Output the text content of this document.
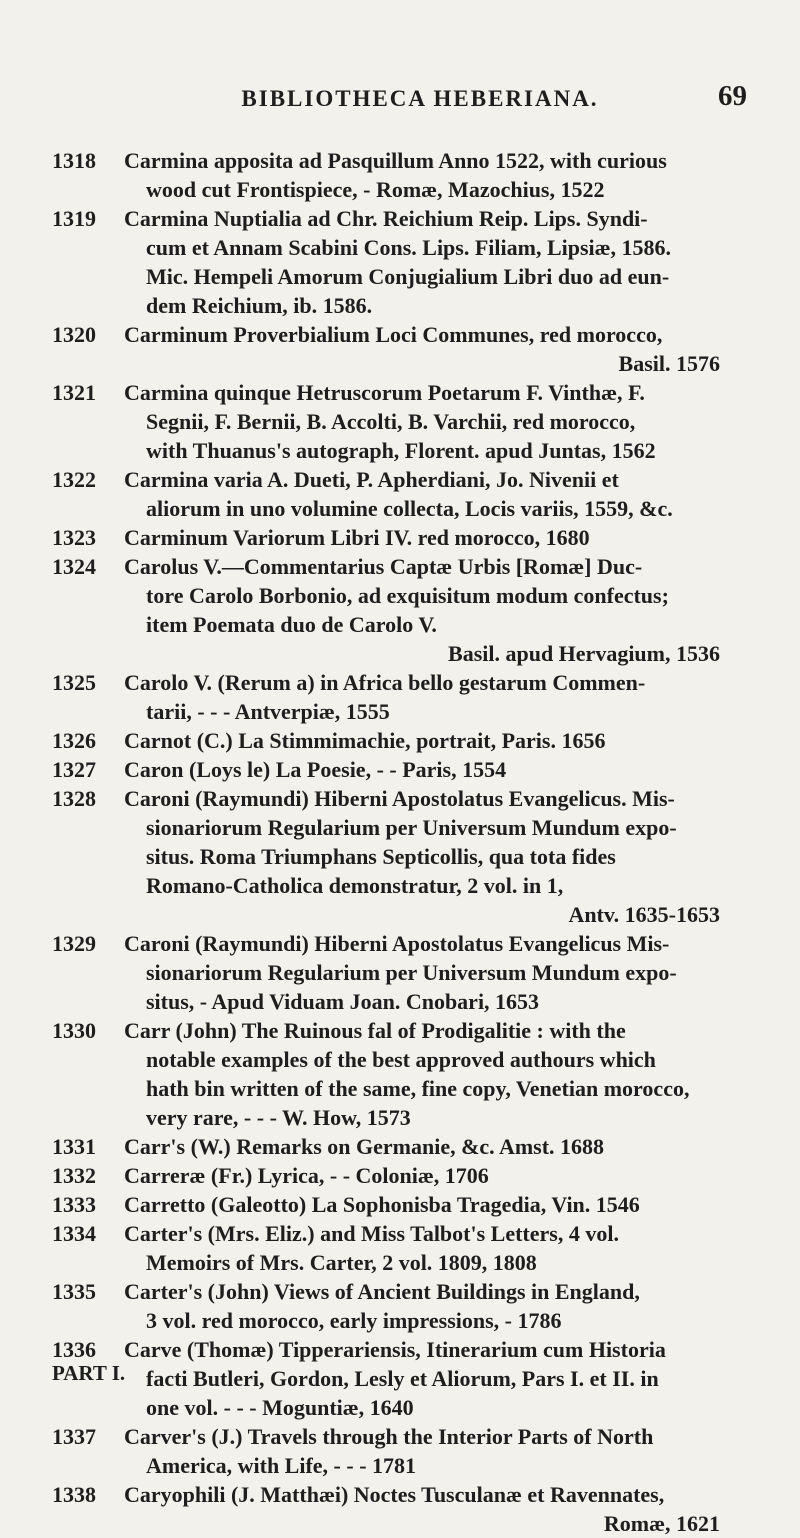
BIBLIOTHECA HEBERIANA.	69
1318 Carmina apposita ad Pasquillum Anno 1522, with curious
wood cut Frontispiece, - Romæ, Mazochius, 1522
1319 Carmina Nuptialia ad Chr. Reichium Reip. Lips. Syndi-
cum et Annam Scabini Cons. Lips. Filiam, Lipsiæ, 1586.
Mic. Hempeli Amorum Conjugialium Libri duo ad eun-
dem Reichium, ib. 1586.
1320 Carminum Proverbialium Loci Communes, red morocco,
Basil. 1576
1321 Carmina quinque Hetruscorum Poetarum F. Vinthæ, F.
Segnii, F. Bernii, B. Accolti, B. Varchii, red morocco,
with Thuanus's autograph, Florent. apud Juntas, 1562
1322 Carmina varia A. Dueti, P. Apherdiani, Jo. Nivenii et
aliorum in uno volumine collecta, Locis variis, 1559, &c.
1323 Carminum Variorum Libri IV. red morocco, 1680
1324 Carolus V.—Commentarius Captæ Urbis [Romæ] Duc-
tore Carolo Borbonio, ad exquisitum modum confectus;
item Poemata duo de Carolo V.
Basil. apud Hervagium, 1536
1325 Carolo V. (Rerum a) in Africa bello gestarum Commen-
tarii, - - - Antverpiæ, 1555
1326 Carnot (C.) La Stimmimachie, portrait, Paris. 1656
1327 Caron (Loys le) La Poesie, - - Paris, 1554
1328 Caroni (Raymundi) Hiberni Apostolatus Evangelicus. Mis-
sionariorum Regularium per Universum Mundum expo-
situs. Roma Triumphans Septicollis, qua tota fides
Romano-Catholica demonstratur, 2 vol. in 1,
Antv. 1635-1653
1329 Caroni (Raymundi) Hiberni Apostolatus Evangelicus Mis-
sionariorum Regularium per Universum Mundum expo-
situs, - Apud Viduam Joan. Cnobari, 1653
1330 Carr (John) The Ruinous fal of Prodigalitie : with the
notable examples of the best approved authours which
hath bin written of the same, fine copy, Venetian morocco,
very rare, - - - W. How, 1573
1331 Carr's (W.) Remarks on Germanie, &c. Amst. 1688
1332 Carreræ (Fr.) Lyrica, - - Coloniæ, 1706
1333 Carretto (Galeotto) La Sophonisba Tragedia, Vin. 1546
1334 Carter's (Mrs. Eliz.) and Miss Talbot's Letters, 4 vol.
Memoirs of Mrs. Carter, 2 vol. 1809, 1808
1335 Carter's (John) Views of Ancient Buildings in England,
3 vol. red morocco, early impressions, - 1786
1336 Carve (Thomæ) Tipperariensis, Itinerarium cum Historia
facti Butleri, Gordon, Lesly et Aliorum, Pars I. et II. in
one vol. - - - Moguntiæ, 1640
1337 Carver's (J.) Travels through the Interior Parts of North
America, with Life, - - - 1781
1338 Caryophili (J. Matthæi) Noctes Tusculanæ et Ravennates,
Romæ, 1621
PART I.
